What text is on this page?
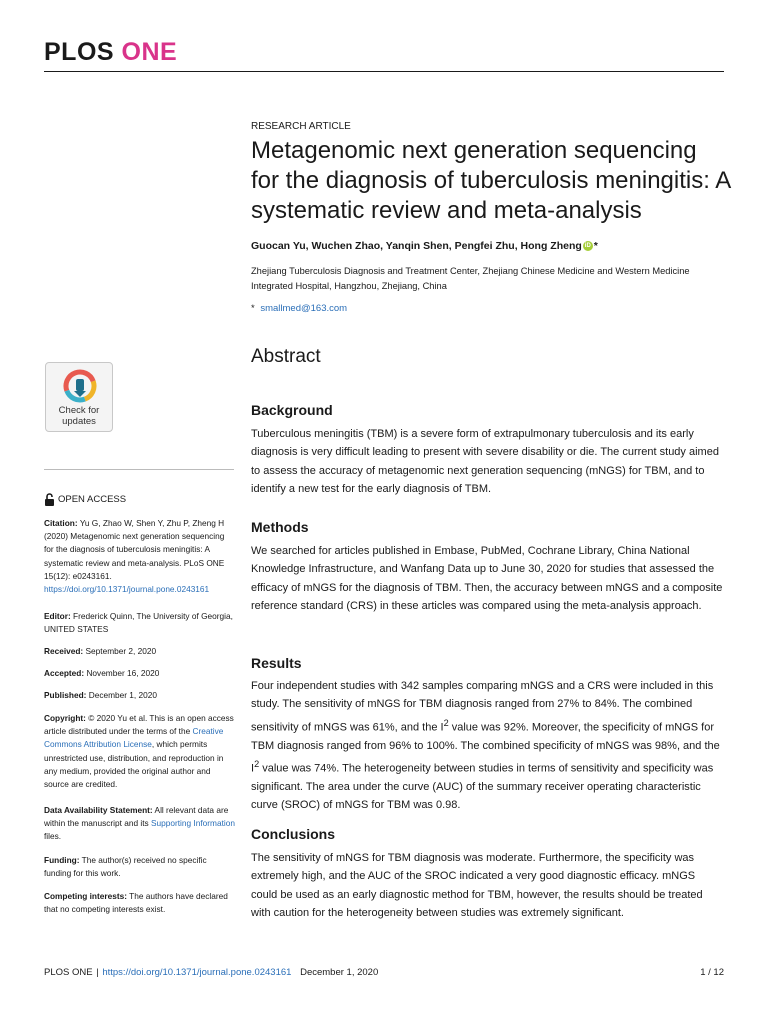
PLOS ONE
RESEARCH ARTICLE
Metagenomic next generation sequencing for the diagnosis of tuberculosis meningitis: A systematic review and meta-analysis
Guocan Yu, Wuchen Zhao, Yanqin Shen, Pengfei Zhu, Hong Zheng iD *
Zhejiang Tuberculosis Diagnosis and Treatment Center, Zhejiang Chinese Medicine and Western Medicine Integrated Hospital, Hangzhou, Zhejiang, China
* smallmed@163.com
Abstract
Background

Tuberculous meningitis (TBM) is a severe form of extrapulmonary tuberculosis and its early diagnosis is very difficult leading to present with severe disability or die. The current study aimed to assess the accuracy of metagenomic next generation sequencing (mNGS) for TBM, and to identify a new test for the early diagnosis of TBM.

Methods

We searched for articles published in Embase, PubMed, Cochrane Library, China National Knowledge Infrastructure, and Wanfang Data up to June 30, 2020 for studies that assessed the efficacy of mNGS for the diagnosis of TBM. Then, the accuracy between mNGS and a composite reference standard (CRS) in these articles was compared using the meta-analysis approach.

Results

Four independent studies with 342 samples comparing mNGS and a CRS were included in this study. The sensitivity of mNGS for TBM diagnosis ranged from 27% to 84%. The combined sensitivity of mNGS was 61%, and the $I^2$ value was 92%. Moreover, the specificity of mNGS for TBM diagnosis ranged from 96% to 100%. The combined specificity of mNGS was 98%, and the $I^2$ value was 74%. The heterogeneity between studies in terms of sensitivity and specificity was significant. The area under the curve (AUC) of the summary receiver operating characteristic curve (SROC) of mNGS for TBM was 0.98.

Conclusions

The sensitivity of mNGS for TBM diagnosis was moderate. Furthermore, the specificity was extremely high, and the AUC of the SROC indicated a very good diagnostic efficacy. mNGS could be used as an early diagnostic method for TBM, however, the results should be treated with caution for the heterogeneity between studies was extremely significant.

Check for
updates
OPEN ACCESS
Citation: Yu G, Zhao W, Shen Y, Zhu P, Zheng H (2020) Metagenomic next generation sequencing for the diagnosis of tuberculosis meningitis: A systematic review and meta-analysis. PLoS ONE 15(12): e0243161. https://doi.org/10.1371/journal.pone.0243161
Editor: Frederick Quinn, The University of Georgia, UNITED STATES
Received: September 2, 2020
Accepted: November 16, 2020
Published: December 1, 2020
Copyright: © 2020 Yu et al. This is an open access article distributed under the terms of the Creative Commons Attribution License, which permits unrestricted use, distribution, and reproduction in any medium, provided the original author and source are credited.
Data Availability Statement: All relevant data are within the manuscript and its Supporting Information files.
Funding: The author(s) received no specific funding for this work.
Competing interests: The authors have declared that no competing interests exist.
PLOS ONE | https://doi.org/10.1371/journal.pone.0243161 December 1, 2020	1 / 12
